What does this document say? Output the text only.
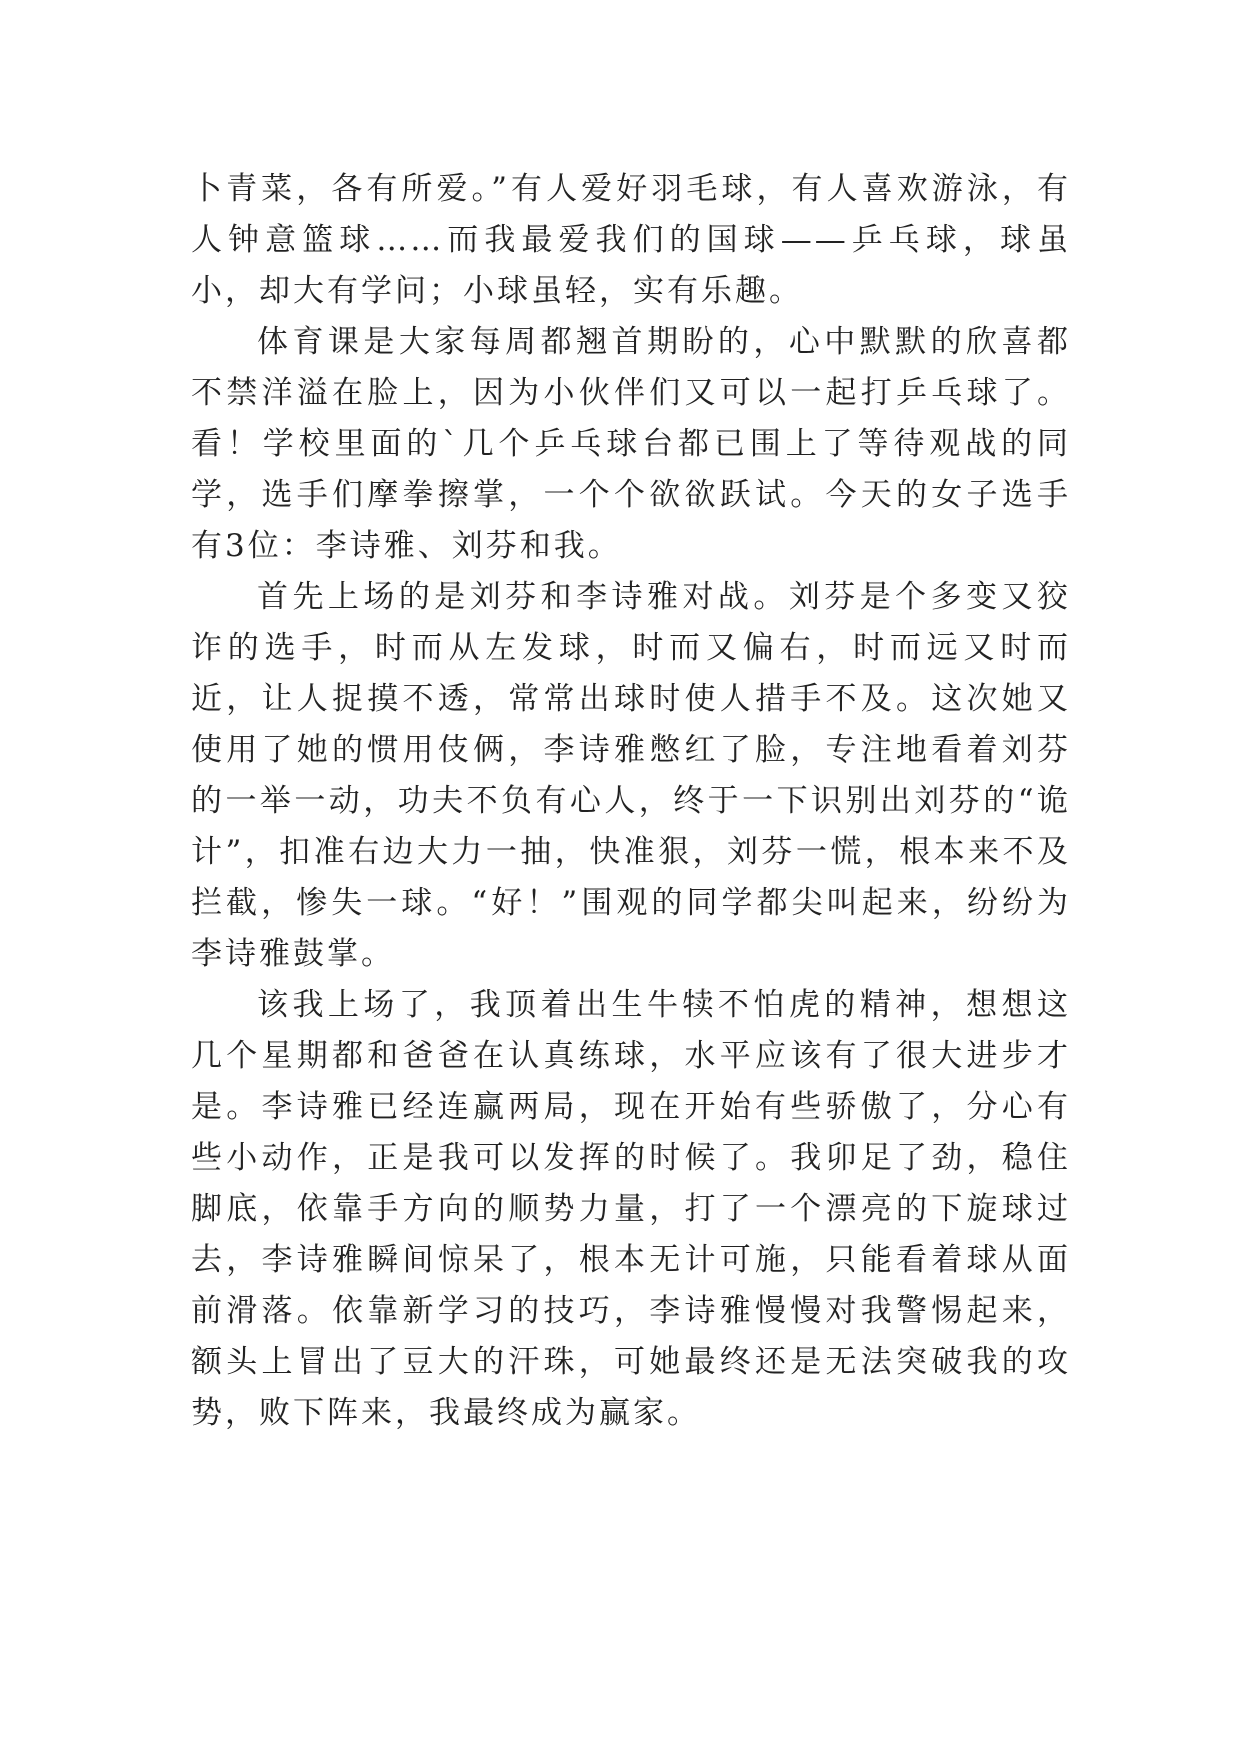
卜青菜，各有所爱。”有人爱好羽毛球，有人喜欢游泳，有人钟意篮球……而我最爱我们的国球——乒乓球，球虽小，却大有学问；小球虽轻，实有乐趣。

体育课是大家每周都翘首期盼的，心中默默的欣喜都不禁洋溢在脸上，因为小伙伴们又可以一起打乒乓球了。看！学校里面的`几个乒乓球台都已围上了等待观战的同学，选手们摩拳擦掌，一个个欲欲跃试。今天的女子选手有3位：李诗雅、刘芬和我。

首先上场的是刘芬和李诗雅对战。刘芬是个多变又狡诈的选手，时而从左发球，时而又偏右，时而远又时而近，让人捉摸不透，常常出球时使人措手不及。这次她又使用了她的惯用伎俩，李诗雅憋红了脸，专注地看着刘芬的一举一动，功夫不负有心人，终于一下识别出刘芬的“诡计”，扣准右边大力一抽，快准狠，刘芬一慌，根本来不及拦截，惨失一球。“好！”围观的同学都尖叫起来，纷纷为李诗雅鼓掌。

该我上场了，我顶着出生牛犊不怕虎的精神，想想这几个星期都和爸爸在认真练球，水平应该有了很大进步才是。李诗雅已经连赢两局，现在开始有些骄傲了，分心有些小动作，正是我可以发挥的时候了。我卯足了劲，稳住脚底，依靠手方向的顺势力量，打了一个漂亮的下旋球过去，李诗雅瞬间惊呆了，根本无计可施，只能看着球从面前滑落。依靠新学习的技巧，李诗雅慢慢对我警惕起来，额头上冒出了豆大的汗珠，可她最终还是无法突破我的攻势，败下阵来，我最终成为赢家。
